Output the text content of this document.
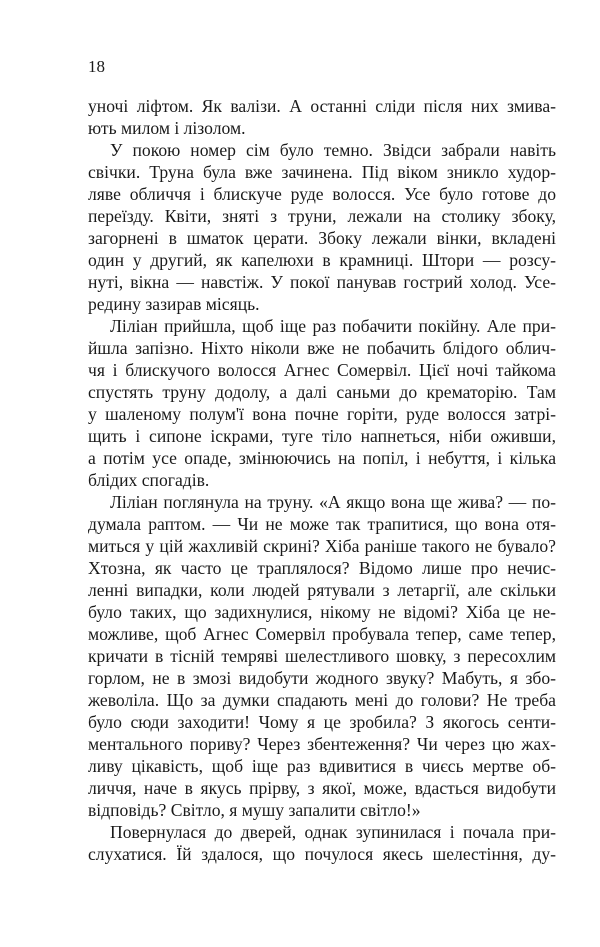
18
уночі ліфтом. Як валізи. А останні сліди після них змива-
ють милом і лізолом.
У покою номер сім було темно. Звідси забрали навіть
свічки. Труна була вже зачинена. Під віком зникло худор-
ляве обличчя і блискуче руде волосся. Усе було готове до
переїзду. Квіти, зняті з труни, лежали на столику збоку,
загорнені в шматок церати. Збоку лежали вінки, вкладені
один у другий, як капелюхи в крамниці. Штори — розсу-
нуті, вікна — навстіж. У покої панував гострий холод. Усе-
редину зазирав місяць.
Ліліан прийшла, щоб іще раз побачити покійну. Але при-
йшла запізно. Ніхто ніколи вже не побачить блідого облич-
чя і блискучого волосся Агнес Сомервіл. Цієї ночі тайкома
спустять труну додолу, а далі саньми до крематорію. Там
у шаленому полум'ї вона почне горіти, руде волосся затрі-
щить і сипоне іскрами, туге тіло напнеться, ніби оживши,
а потім усе опаде, змінюючись на попіл, і небуття, і кілька
блідих спогадів.
Ліліан поглянула на труну. «А якщо вона ще жива? — по-
думала раптом. — Чи не може так трапитися, що вона отя-
миться у цій жахливій скрині? Хіба раніше такого не бувало?
Хтозна, як часто це траплялося? Відомо лише про нечис-
ленні випадки, коли людей рятували з летаргії, але скільки
було таких, що задихнулися, нікому не відомі? Хіба це не-
можливе, щоб Агнес Сомервіл пробувала тепер, саме тепер,
кричати в тісній темряві шелестливого шовку, з пересохлим
горлом, не в змозі видобути жодного звуку? Мабуть, я збо-
жеволіла. Що за думки спадають мені до голови? Не треба
було сюди заходити! Чому я це зробила? З якогось сенти-
ментального пориву? Через збентеження? Чи через цю жах-
ливу цікавість, щоб іще раз вдивитися в чиєсь мертве об-
личчя, наче в якусь прірву, з якої, може, вдасться видобути
відповідь? Світло, я мушу запалити світло!»
Повернулася до дверей, однак зупинилася і почала при-
слухатися. Їй здалося, що почулося якесь шелестіння, ду-
